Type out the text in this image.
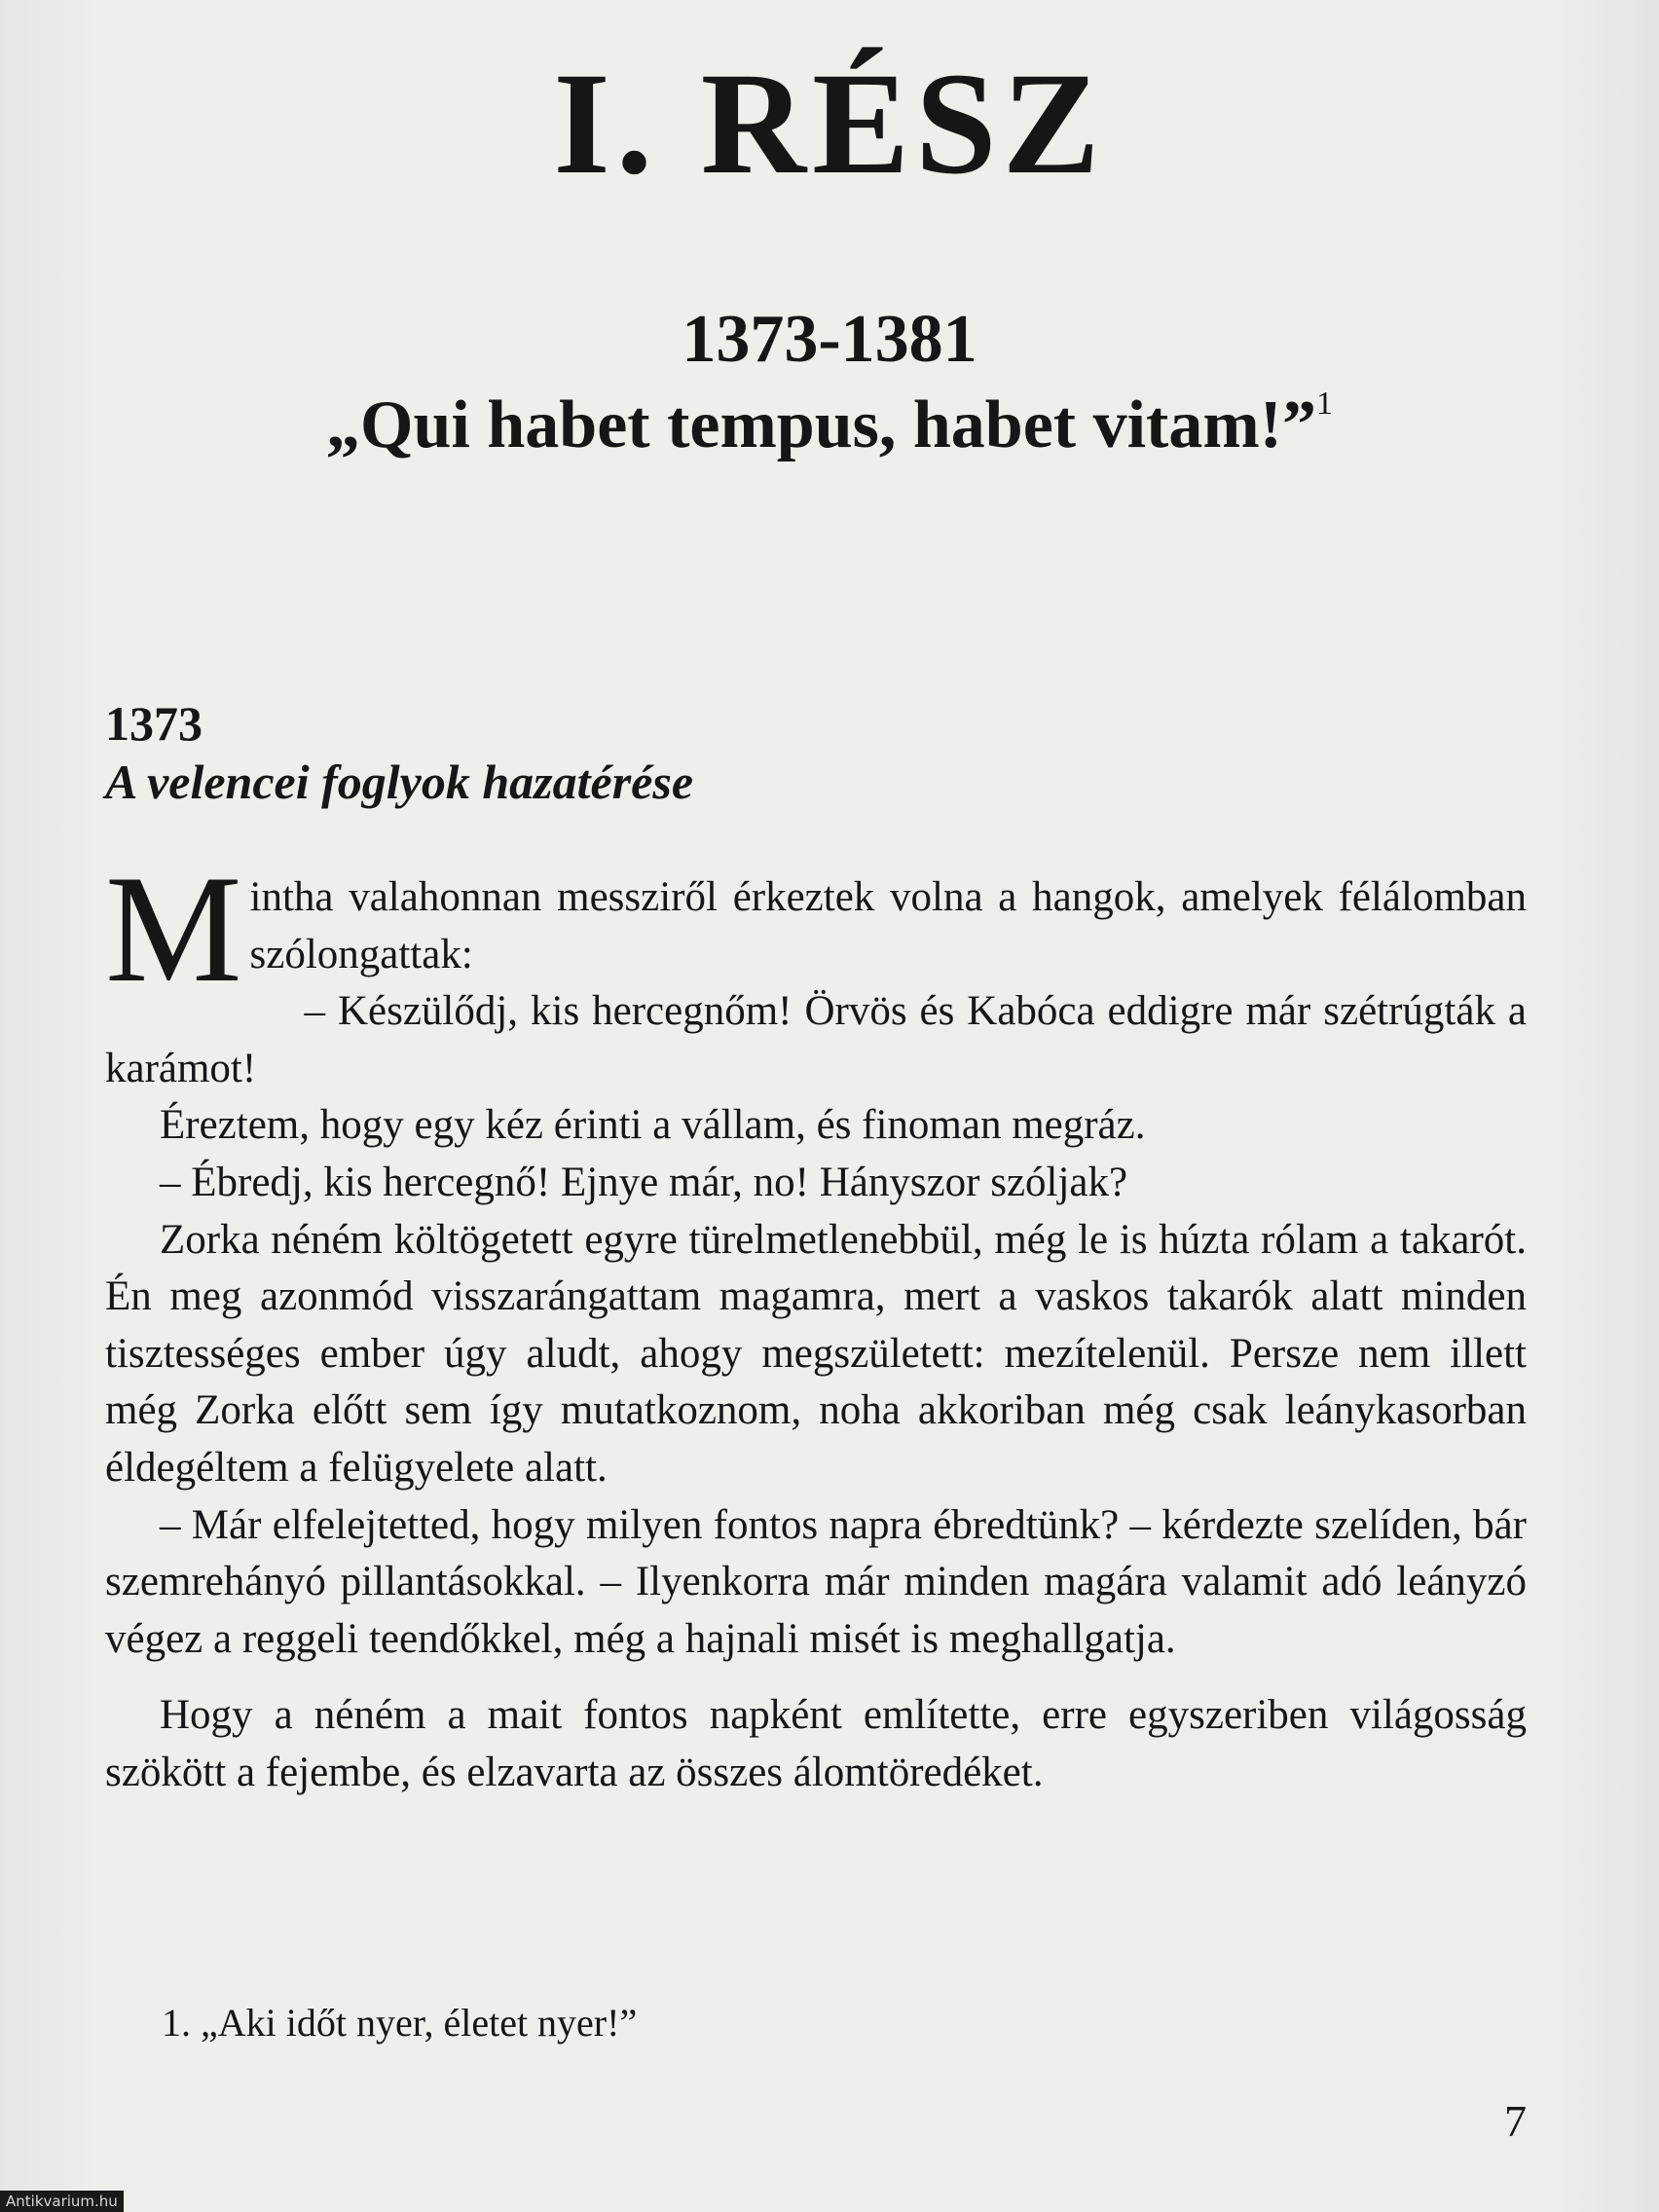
I. RÉSZ
1373-1381
„Qui habet tempus, habet vitam!”$^1$
1373
A velencei foglyok hazatérése

Mintha valahonnan messziről érkeztek volna a hangok, amelyek félálomban szólongattak:

– Készülődj, kis hercegnőm! Örvös és Kabóca eddigre már szétrúgták a karámot!

Éreztem, hogy egy kéz érinti a vállam, és finoman megráz.

– Ébredj, kis hercegnő! Ejnye már, no! Hányszor szóljak?

Zorka néném költögetett egyre türelmetlenebbül, még le is húzta rólam a takarót. Én meg azonmód visszarángattam magamra, mert a vaskos takarók alatt minden tisztességes ember úgy aludt, ahogy megszületett: mezítelenül. Persze nem illett még Zorka előtt sem így mutatkoznom, noha akkoriban még csak leánykasorban éldegéltem a felügyelete alatt.

– Már elfelejtetted, hogy milyen fontos napra ébredtünk? – kérdezte szelíden, bár szemrehányó pillantásokkal. – Ilyenkorra már minden magára valamit adó leányzó végez a reggeli teendőkkel, még a hajnali misét is meghallgatja.

Hogy a néném a mait fontos napként említette, erre egyszeriben világosság szökött a fejembe, és elzavarta az összes álomtöredéket.

1. „Aki időt nyer, életet nyer!”
7
Antikvarium.hu
